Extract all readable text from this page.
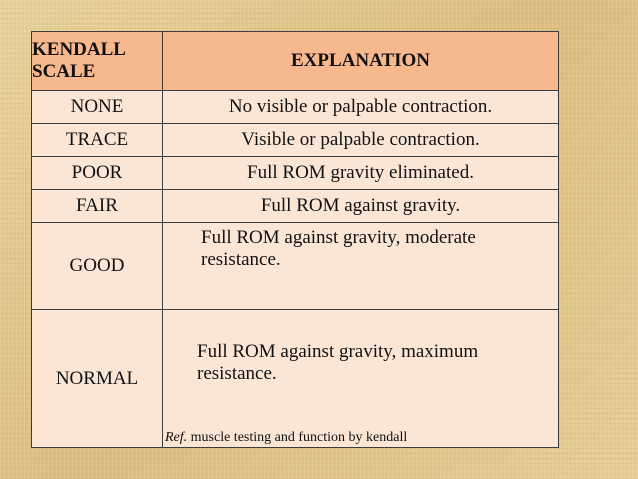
KENDALL
SCALE	EXPLANATION
NONE	No visible or palpable contraction.
TRACE	Visible or palpable contraction.
POOR	Full ROM gravity eliminated.
FAIR	Full ROM against gravity.
GOOD	Full ROM against gravity, moderate
resistance.
NORMAL	Full ROM against gravity, maximum
resistance.
Ref. muscle testing and function by kendall
